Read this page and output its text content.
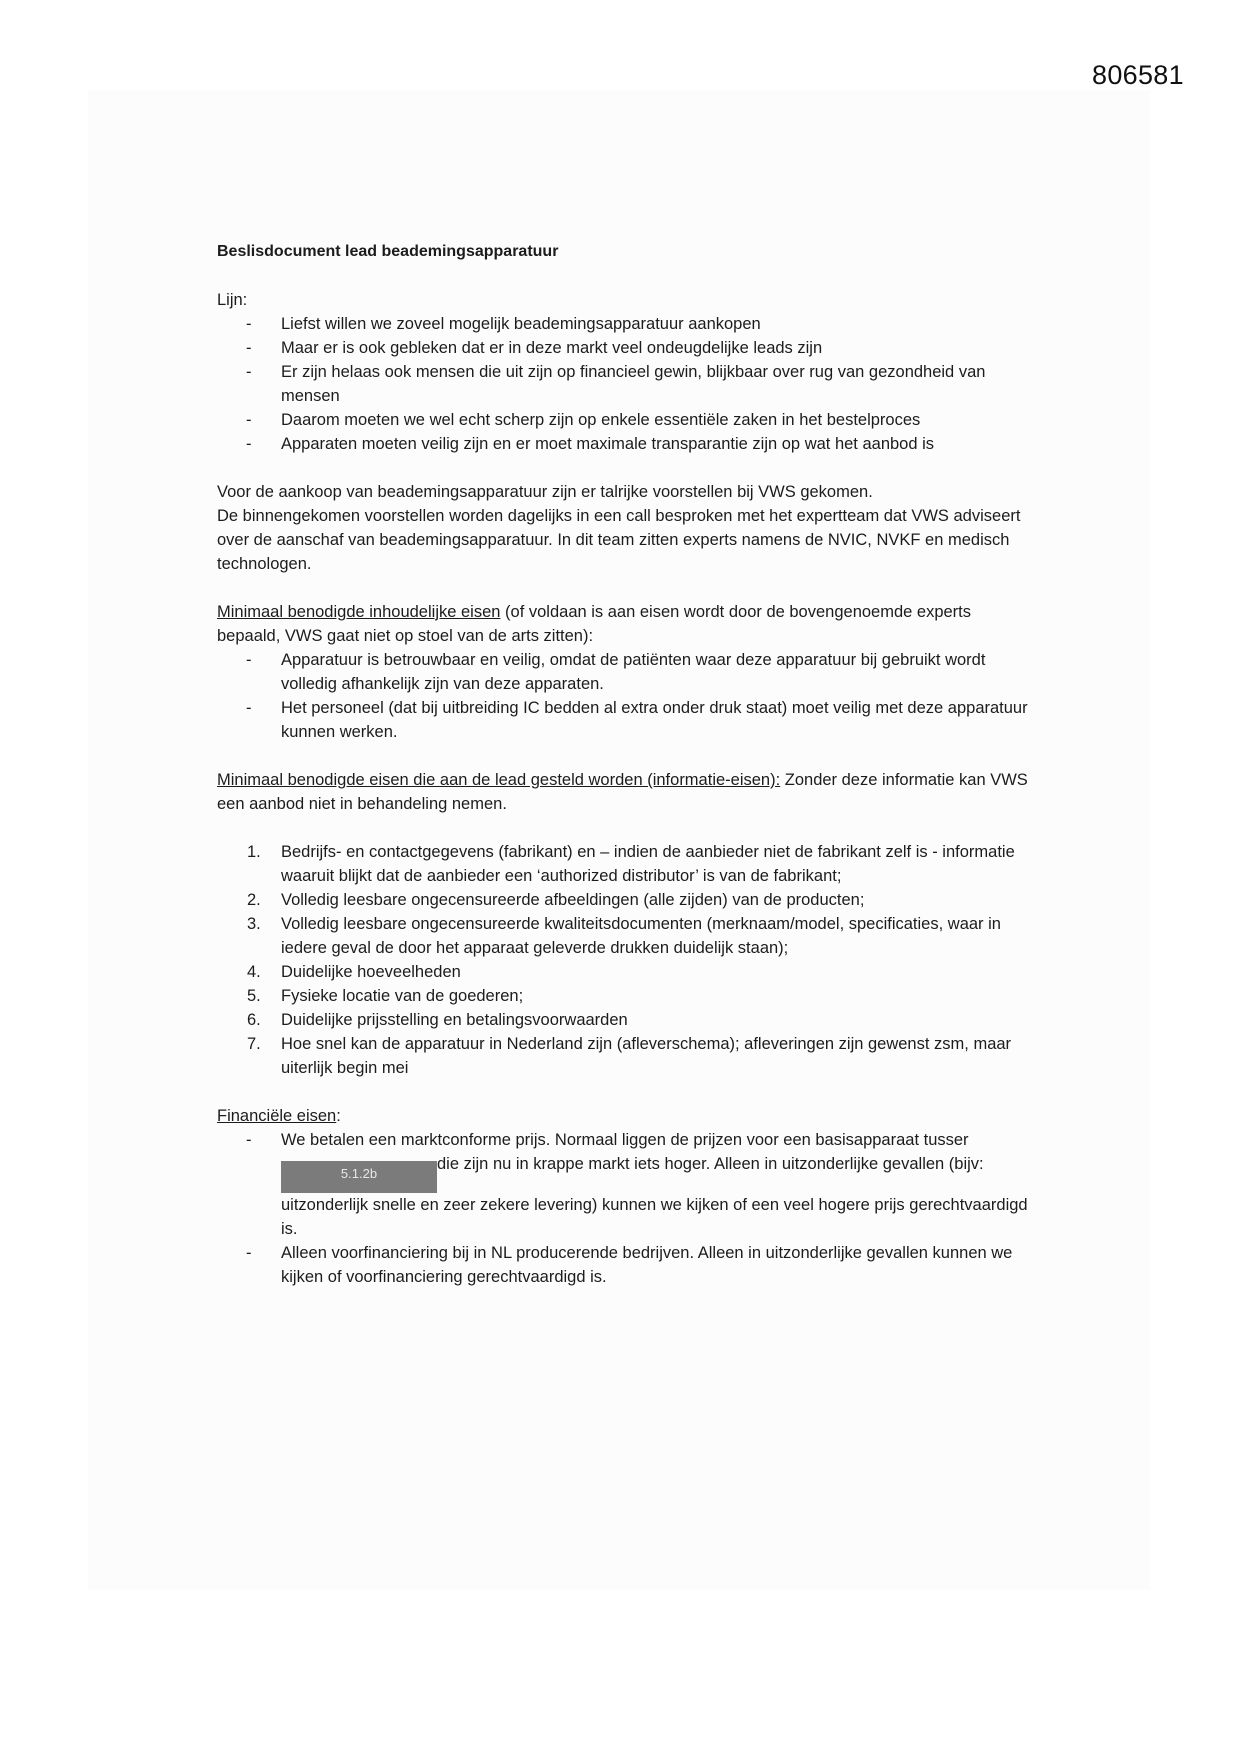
806581

Beslisdocument lead beademingsapparatuur

Lijn:

- Liefst willen we zoveel mogelijk beademingsapparatuur aankopen
- Maar er is ook gebleken dat er in deze markt veel ondeugdelijke leads zijn
- Er zijn helaas ook mensen die uit zijn op financieel gewin, blijkbaar over rug van gezondheid van mensen
- Daarom moeten we wel echt scherp zijn op enkele essentiële zaken in het bestelproces
- Apparaten moeten veilig zijn en er moet maximale transparantie zijn op wat het aanbod is

Voor de aankoop van beademingsapparatuur zijn er talrijke voorstellen bij VWS gekomen.

De binnengekomen voorstellen worden dagelijks in een call besproken met het expertteam dat VWS adviseert over de aanschaf van beademingsapparatuur. In dit team zitten experts namens de NVIC, NVKF en medisch technologen.

Minimaal benodigde inhoudelijke eisen (of voldaan is aan eisen wordt door de bovengenoemde experts bepaald, VWS gaat niet op stoel van de arts zitten):

- Apparatuur is betrouwbaar en veilig, omdat de patiënten waar deze apparatuur bij gebruikt wordt volledig afhankelijk zijn van deze apparaten.
- Het personeel (dat bij uitbreiding IC bedden al extra onder druk staat) moet veilig met deze apparatuur kunnen werken.

Minimaal benodigde eisen die aan de lead gesteld worden (informatie-eisen): Zonder deze informatie kan VWS een aanbod niet in behandeling nemen.

1. Bedrijfs- en contactgegevens (fabrikant) en – indien de aanbieder niet de fabrikant zelf is - informatie waaruit blijkt dat de aanbieder een ‘authorized distributor’ is van de fabrikant;
2. Volledig leesbare ongecensureerde afbeeldingen (alle zijden) van de producten;
3. Volledig leesbare ongecensureerde kwaliteitsdocumenten (merknaam/model, specificaties, waar in iedere geval de door het apparaat geleverde drukken duidelijk staan);
4. Duidelijke hoeveelheden
5. Fysieke locatie van de goederen;
6. Duidelijke prijsstelling en betalingsvoorwaarden
7. Hoe snel kan de apparatuur in Nederland zijn (afleverschema); afleveringen zijn gewenst zsm, maar uiterlijk begin mei

Financiële eisen:

- We betalen een marktconforme prijs. Normaal liggen de prijzen voor een basisapparaat tusser5.1.2bdie zijn nu in krappe markt iets hoger. Alleen in uitzonderlijke gevallen (bijv: uitzonderlijk snelle en zeer zekere levering) kunnen we kijken of een veel hogere prijs gerechtvaardigd is.
- Alleen voorfinanciering bij in NL producerende bedrijven. Alleen in uitzonderlijke gevallen kunnen we kijken of voorfinanciering gerechtvaardigd is.
